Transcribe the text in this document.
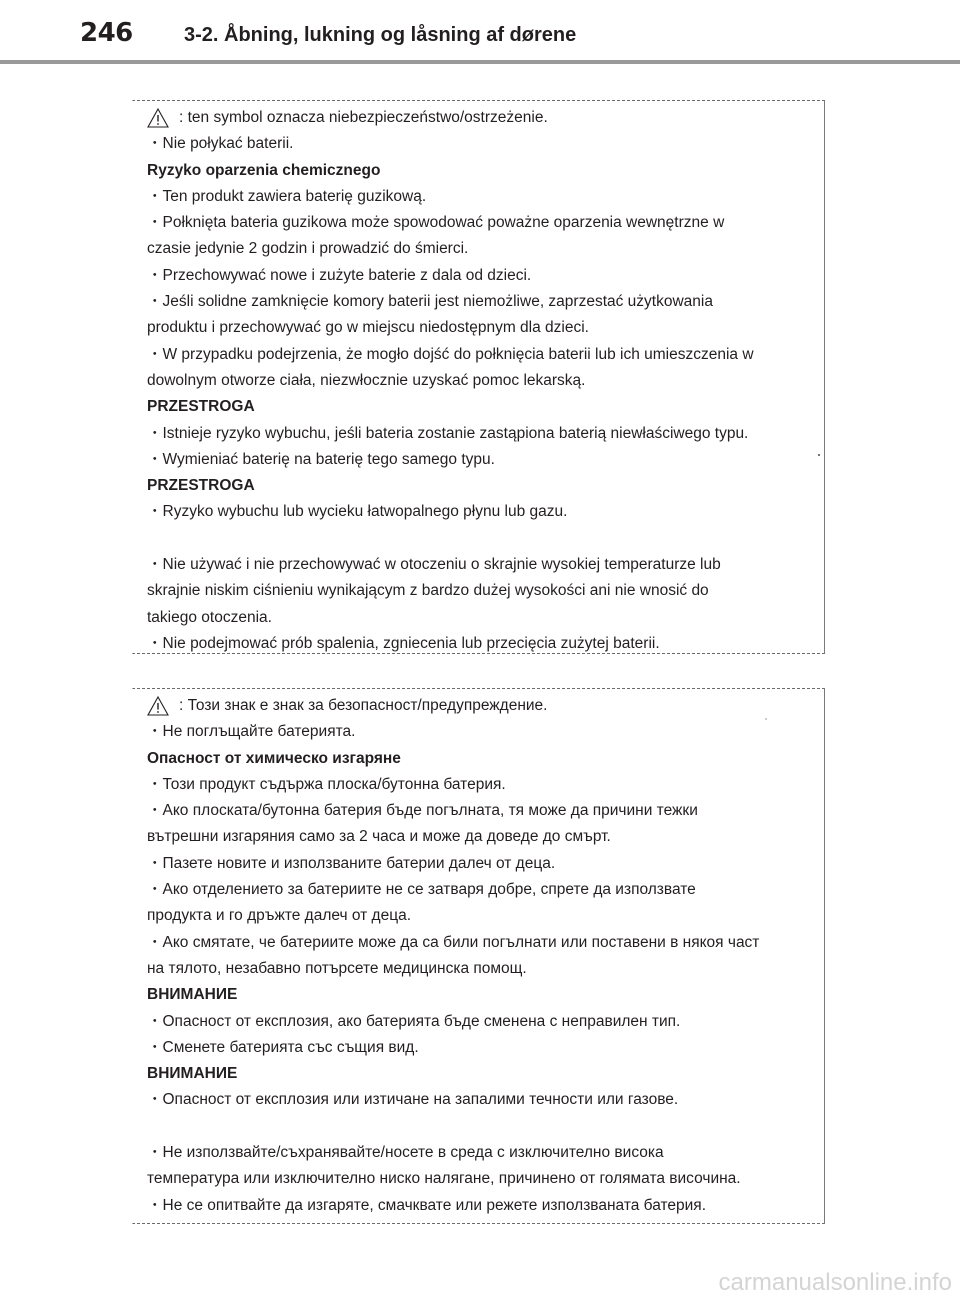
246	3-2. Åbning, lukning og låsning af dørene
: ten symbol oznacza niebezpieczeństwo/ostrzeżenie.
・Nie połykać baterii.
Ryzyko oparzenia chemicznego
・Ten produkt zawiera baterię guzikową.
・Połknięta bateria guzikowa może spowodować poważne oparzenia wewnętrzne w
czasie jedynie 2 godzin i prowadzić do śmierci.
・Przechowywać nowe i zużyte baterie z dala od dzieci.
・Jeśli solidne zamknięcie komory baterii jest niemożliwe, zaprzestać użytkowania
produktu i przechowywać go w miejscu niedostępnym dla dzieci.
・W przypadku podejrzenia, że mogło dojść do połknięcia baterii lub ich umieszczenia w
dowolnym otworze ciała, niezwłocznie uzyskać pomoc lekarską.
PRZESTROGA
・Istnieje ryzyko wybuchu, jeśli bateria zostanie zastąpiona baterią niewłaściwego typu.
・Wymieniać baterię na baterię tego samego typu.
PRZESTROGA
・Ryzyko wybuchu lub wycieku łatwopalnego płynu lub gazu.
・Nie używać i nie przechowywać w otoczeniu o skrajnie wysokiej temperaturze lub
skrajnie niskim ciśnieniu wynikającym z bardzo dużej wysokości ani nie wnosić do
takiego otoczenia.
・Nie podejmować prób spalenia, zgniecenia lub przecięcia zużytej baterii.
: Този знак е знак за безопасност/предупреждение.
・Не поглъщайте батерията.
Опасност от химическо изгаряне
・Този продукт съдържа плоска/бутонна батерия.
・Ако плоската/бутонна батерия бъде погълната, тя може да причини тежки
вътрешни изгаряния само за 2 часа и може да доведе до смърт.
・Пазете новите и използваните батерии далеч от деца.
・Ако отделението за батериите не се затваря добре, спрете да използвате
продукта и го дръжте далеч от деца.
・Ако смятате, че батериите може да са били погълнати или поставени в някоя част
на тялото, незабавно потърсете медицинска помощ.
ВНИМАНИЕ
・Опасност от експлозия, ако батерията бъде сменена с неправилен тип.
・Сменете батерията със същия вид.
ВНИМАНИЕ
・Опасност от експлозия или изтичане на запалими течности или газове.
・Не използвайте/съхранявайте/носете в среда с изключително висока
температура или изключително ниско налягане, причинено от голямата височина.
・Не се опитвайте да изгаряте, смачквате или режете използваната батерия.
carmanualsonline.info
